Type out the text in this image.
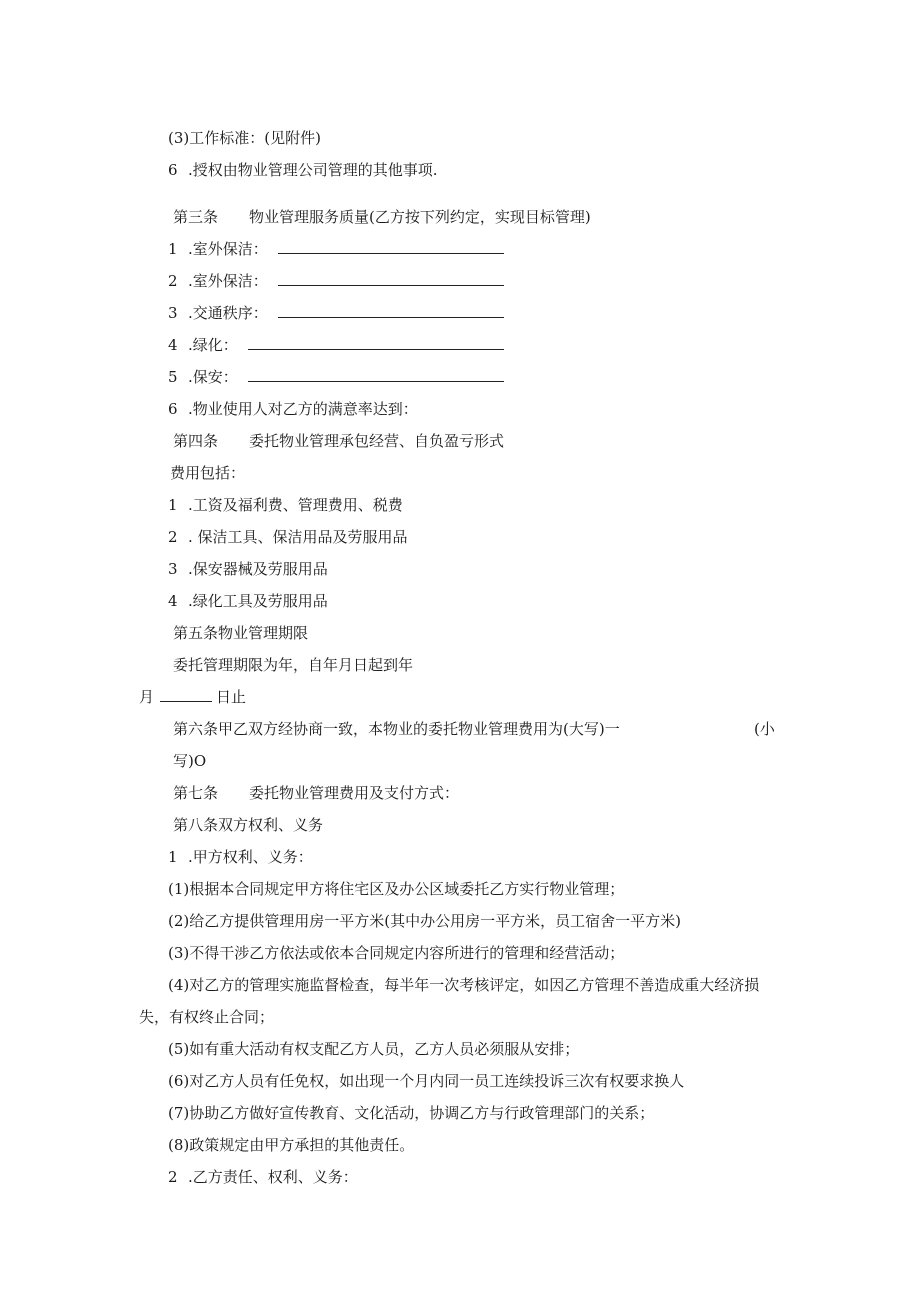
(3)工作标准：(见附件)
6 .授权由物业管理公司管理的其他事项.
第三条 物业管理服务质量(乙方按下列约定，实现目标管理)
1 .室外保洁：
2 .室外保洁：
3 .交通秩序：
4 .绿化：
5 .保安：
6 .物业使用人对乙方的满意率达到：
第四条 委托物业管理承包经营、自负盈亏形式
费用包括：
1 .工资及福利费、管理费用、税费
2 . 保洁工具、保洁用品及劳服用品
3 .保安器械及劳服用品
4 .绿化工具及劳服用品
第五条物业管理期限
委托管理期限为年，自年月日起到年
月	日止
第六条甲乙双方经协商一致，本物业的委托物业管理费用为(大写)一	(小
写)O
第七条 委托物业管理费用及支付方式：
第八条双方权利、义务
1 .甲方权利、义务：
(1)根据本合同规定甲方将住宅区及办公区域委托乙方实行物业管理；
(2)给乙方提供管理用房一平方米(其中办公用房一平方米，员工宿舍一平方米)
(3)不得干涉乙方依法或依本合同规定内容所进行的管理和经营活动；
(4)对乙方的管理实施监督检查，每半年一次考核评定，如因乙方管理不善造成重大经济损
失，有权终止合同；
(5)如有重大活动有权支配乙方人员，乙方人员必须服从安排；
(6)对乙方人员有任免权，如出现一个月内同一员工连续投诉三次有权要求换人
(7)协助乙方做好宣传教育、文化活动，协调乙方与行政管理部门的关系；
(8)政策规定由甲方承担的其他责任。
2 .乙方责任、权利、义务：
